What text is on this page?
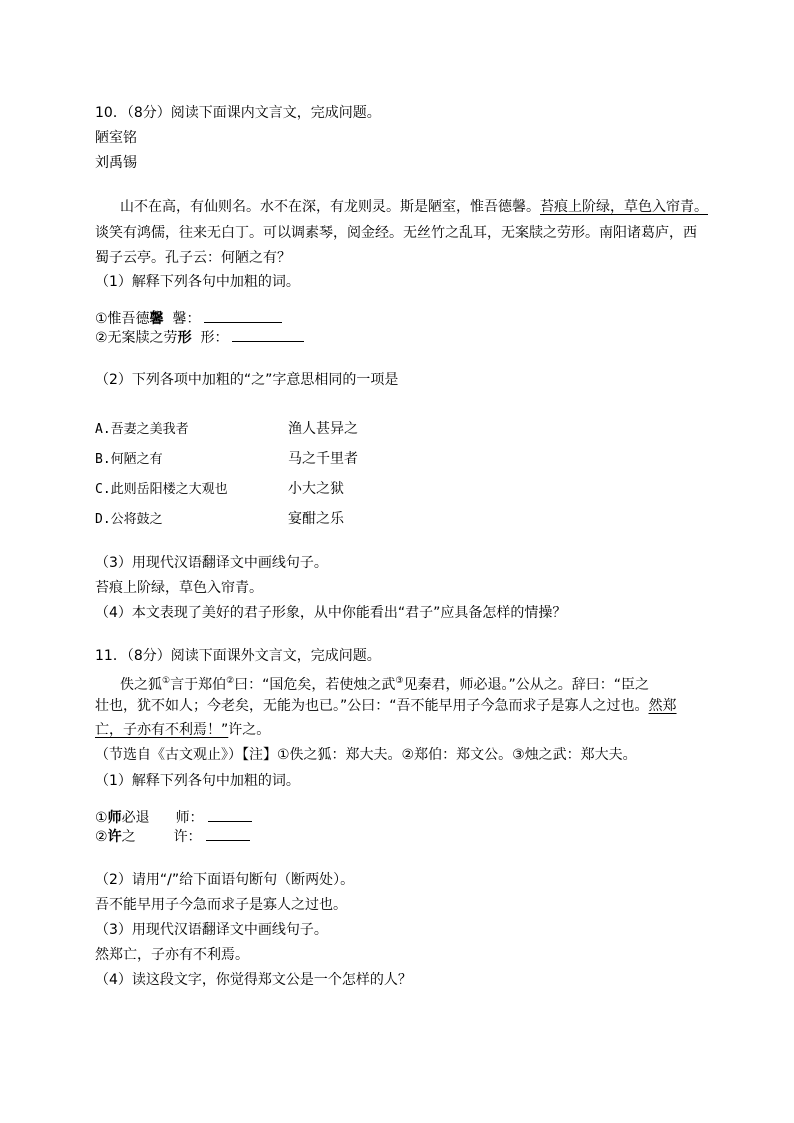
10．（8分）阅读下面课内文言文，完成问题。
陋室铭
刘禹锡
山不在高，有仙则名。水不在深，有龙则灵。斯是陋室，惟吾德馨。苔痕上阶绿，草色入帘青。
谈笑有鸿儒，往来无白丁。可以调素琴，阅金经。无丝竹之乱耳，无案牍之劳形。南阳诸葛庐，西
蜀子云亭。孔子云：何陋之有？
（1）解释下列各句中加粗的词。
①惟吾德馨  馨：
②无案牍之劳形  形：
（2）下列各项中加粗的“之”字意思相同的一项是
A.吾妻之美我者	渔人甚异之
B.何陋之有	马之千里者
C.此则岳阳楼之大观也	小大之狱
D.公将鼓之	宴酣之乐
（3）用现代汉语翻译文中画线句子。
苔痕上阶绿，草色入帘青。
（4）本文表现了美好的君子形象，从中你能看出“君子”应具备怎样的情操？
11．（8分）阅读下面课外文言文，完成问题。
佚之狐①言于郑伯②曰：“国危矣，若使烛之武③见秦君，师必退。”公从之。辞曰：“臣之
壮也，犹不如人；今老矣，无能为也已。”公曰：“吾不能早用子今急而求子是寡人之过也。然郑
亡，子亦有不利焉！”许之。
（节选自《古文观止》）【注】①佚之狐：郑大夫。②郑伯：郑文公。③烛之武：郑大夫。
（1）解释下列各句中加粗的词。
①师必退 师：
②许之	许：
（2）请用“/”给下面语句断句（断两处）。
吾不能早用子今急而求子是寡人之过也。
（3）用现代汉语翻译文中画线句子。
然郑亡，子亦有不利焉。
（4）读这段文字，你觉得郑文公是一个怎样的人？
